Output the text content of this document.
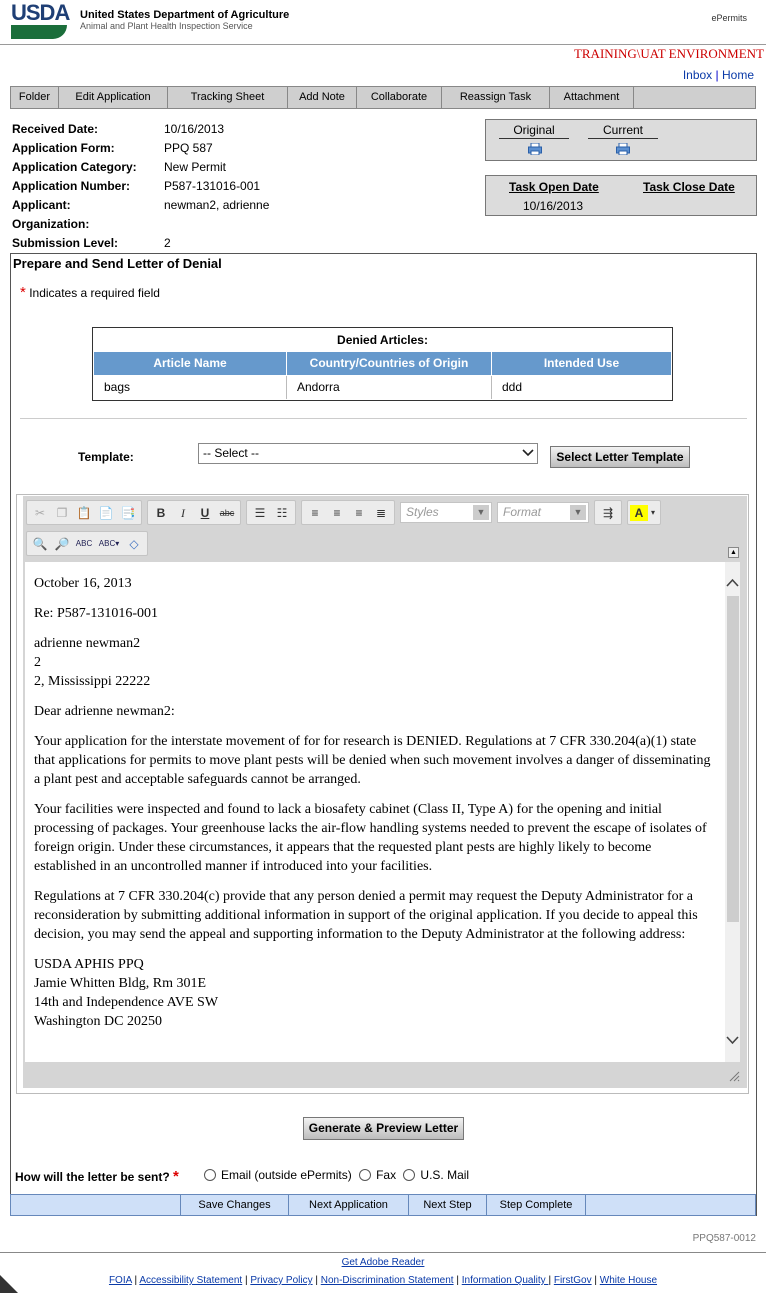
USDA United States Department of Agriculture
Animal and Plant Health Inspection Service
ePermits
TRAINING\UAT ENVIRONMENT
Inbox | Home
Folder	Edit Application	Tracking Sheet	Add Note	Collaborate	Reassign Task	Attachment
Received Date:	10/16/2013
Application Form:	PPQ 587
Application Category: New Permit
Application Number:	P587-131016-001
Applicant:	newman2, adrienne
Organization:
Submission Level:	2
Original	Current
Task Open Date	Task Close Date
10/16/2013
Prepare and Send Letter of Denial
* Indicates a required field
Denied Articles:
Article Name	Country/Countries of Origin	Intended Use
bags	Andorra	ddd
Template:	-- Select --	Select Letter Template
✂ ❐ 📋 📄 📑	B	I	U	abc	☰ ☷	≡	≡	≡	≣	Styles	▼	Format	▼	⇶	A ▾
🔍 🔎 ABC ABC▾ ◇
▲

October 16, 2013

Re: P587-131016-001

adrienne newman2
2
2, Mississippi 22222

Dear adrienne newman2:

Your application for the interstate movement of for for research is DENIED. Regulations at 7 CFR 330.204(a)(1) state that applications for permits to move plant pests will be denied when such movement involves a danger of disseminating a plant pest and acceptable safeguards cannot be arranged.

Your facilities were inspected and found to lack a biosafety cabinet (Class II, Type A) for the opening and initial processing of packages. Your greenhouse lacks the air-flow handling systems needed to prevent the escape of isolates of foreign origin. Under these circumstances, it appears that the requested plant pests are highly likely to become established in an uncontrolled manner if introduced into your facilities.

Regulations at 7 CFR 330.204(c) provide that any person denied a permit may request the Deputy Administrator for a reconsideration by submitting additional information in support of the original application. If you decide to appeal this decision, you may send the appeal and supporting information to the Deputy Administrator at the following address:

USDA APHIS PPQ
Jamie Whitten Bldg, Rm 301E
14th and Independence AVE SW
Washington DC 20250

Generate & Preview Letter
How will the letter be sent? *	Email (outside ePermits) Fax U.S. Mail
Save Changes	Next Application	Next Step	Step Complete
PPQ587-0012
Get Adobe Reader
FOIA | Accessibility Statement | Privacy Policy | Non-Discrimination Statement | Information Quality | FirstGov | White House
